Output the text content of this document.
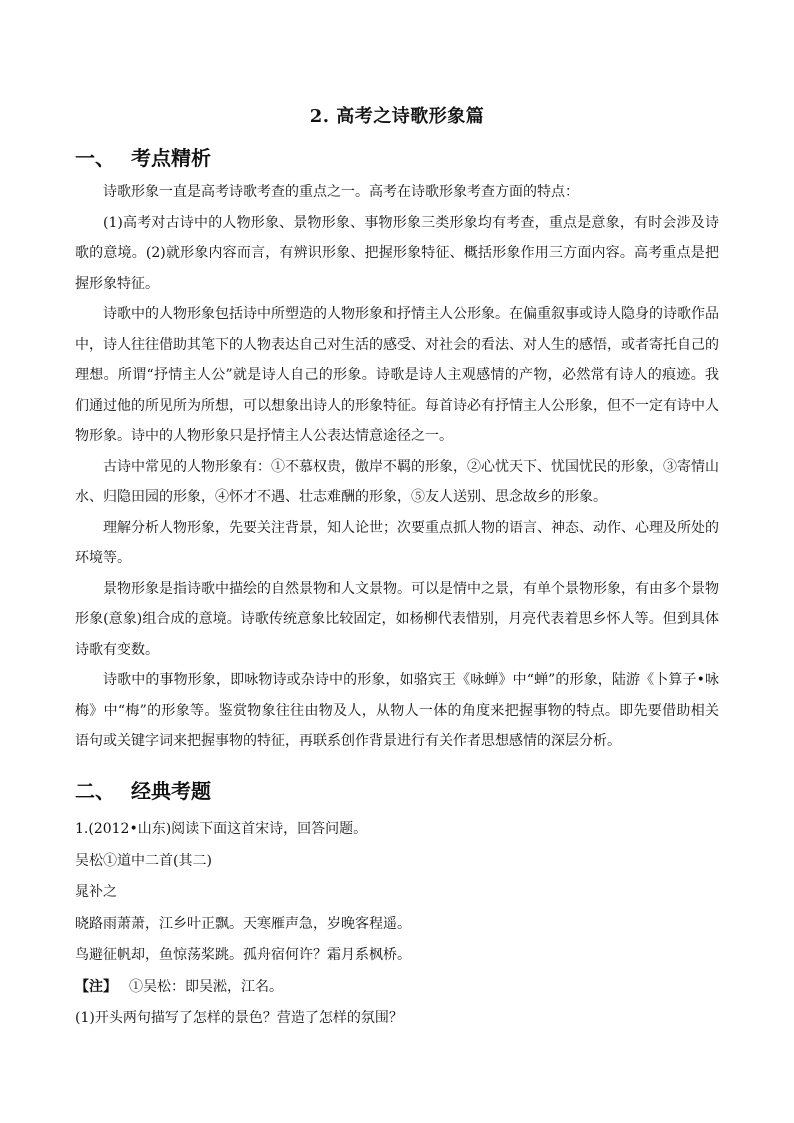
2. 高考之诗歌形象篇
一、 考点精析

诗歌形象一直是高考诗歌考查的重点之一。高考在诗歌形象考查方面的特点：

(1)高考对古诗中的人物形象、景物形象、事物形象三类形象均有考查，重点是意象，有时会涉及诗歌的意境。(2)就形象内容而言，有辨识形象、把握形象特征、概括形象作用三方面内容。高考重点是把握形象特征。

诗歌中的人物形象包括诗中所塑造的人物形象和抒情主人公形象。在偏重叙事或诗人隐身的诗歌作品中，诗人往往借助其笔下的人物表达自己对生活的感受、对社会的看法、对人生的感悟，或者寄托自己的理想。所谓“抒情主人公”就是诗人自己的形象。诗歌是诗人主观感情的产物，必然常有诗人的痕迹。我们通过他的所见所为所想，可以想象出诗人的形象特征。每首诗必有抒情主人公形象，但不一定有诗中人物形象。诗中的人物形象只是抒情主人公表达情意途径之一。

古诗中常见的人物形象有：①不慕权贵，傲岸不羁的形象，②心忧天下、忧国忧民的形象，③寄情山水、归隐田园的形象，④怀才不遇、壮志难酬的形象，⑤友人送别、思念故乡的形象。

理解分析人物形象，先要关注背景，知人论世；次要重点抓人物的语言、神态、动作、心理及所处的环境等。

景物形象是指诗歌中描绘的自然景物和人文景物。可以是情中之景，有单个景物形象，有由多个景物形象(意象)组合成的意境。诗歌传统意象比较固定，如杨柳代表惜别，月亮代表着思乡怀人等。但到具体诗歌有变数。

诗歌中的事物形象，即咏物诗或杂诗中的形象，如骆宾王《咏蝉》中“蝉”的形象，陆游《卜算子•咏梅》中“梅”的形象等。鉴赏物象往往由物及人，从物人一体的角度来把握事物的特点。即先要借助相关语句或关键字词来把握事物的特征，再联系创作背景进行有关作者思想感情的深层分析。

二、 经典考题

1.(2012•山东)阅读下面这首宋诗，回答问题。

吴松①道中二首(其二)

晁补之

晓路雨萧萧，江乡叶正飘。天寒雁声急，岁晚客程遥。

鸟避征帆却，鱼惊荡桨跳。孤舟宿何许？霜月系枫桥。

【注】 ①吴松：即吴淞，江名。

(1)开头两句描写了怎样的景色？营造了怎样的氛围？
